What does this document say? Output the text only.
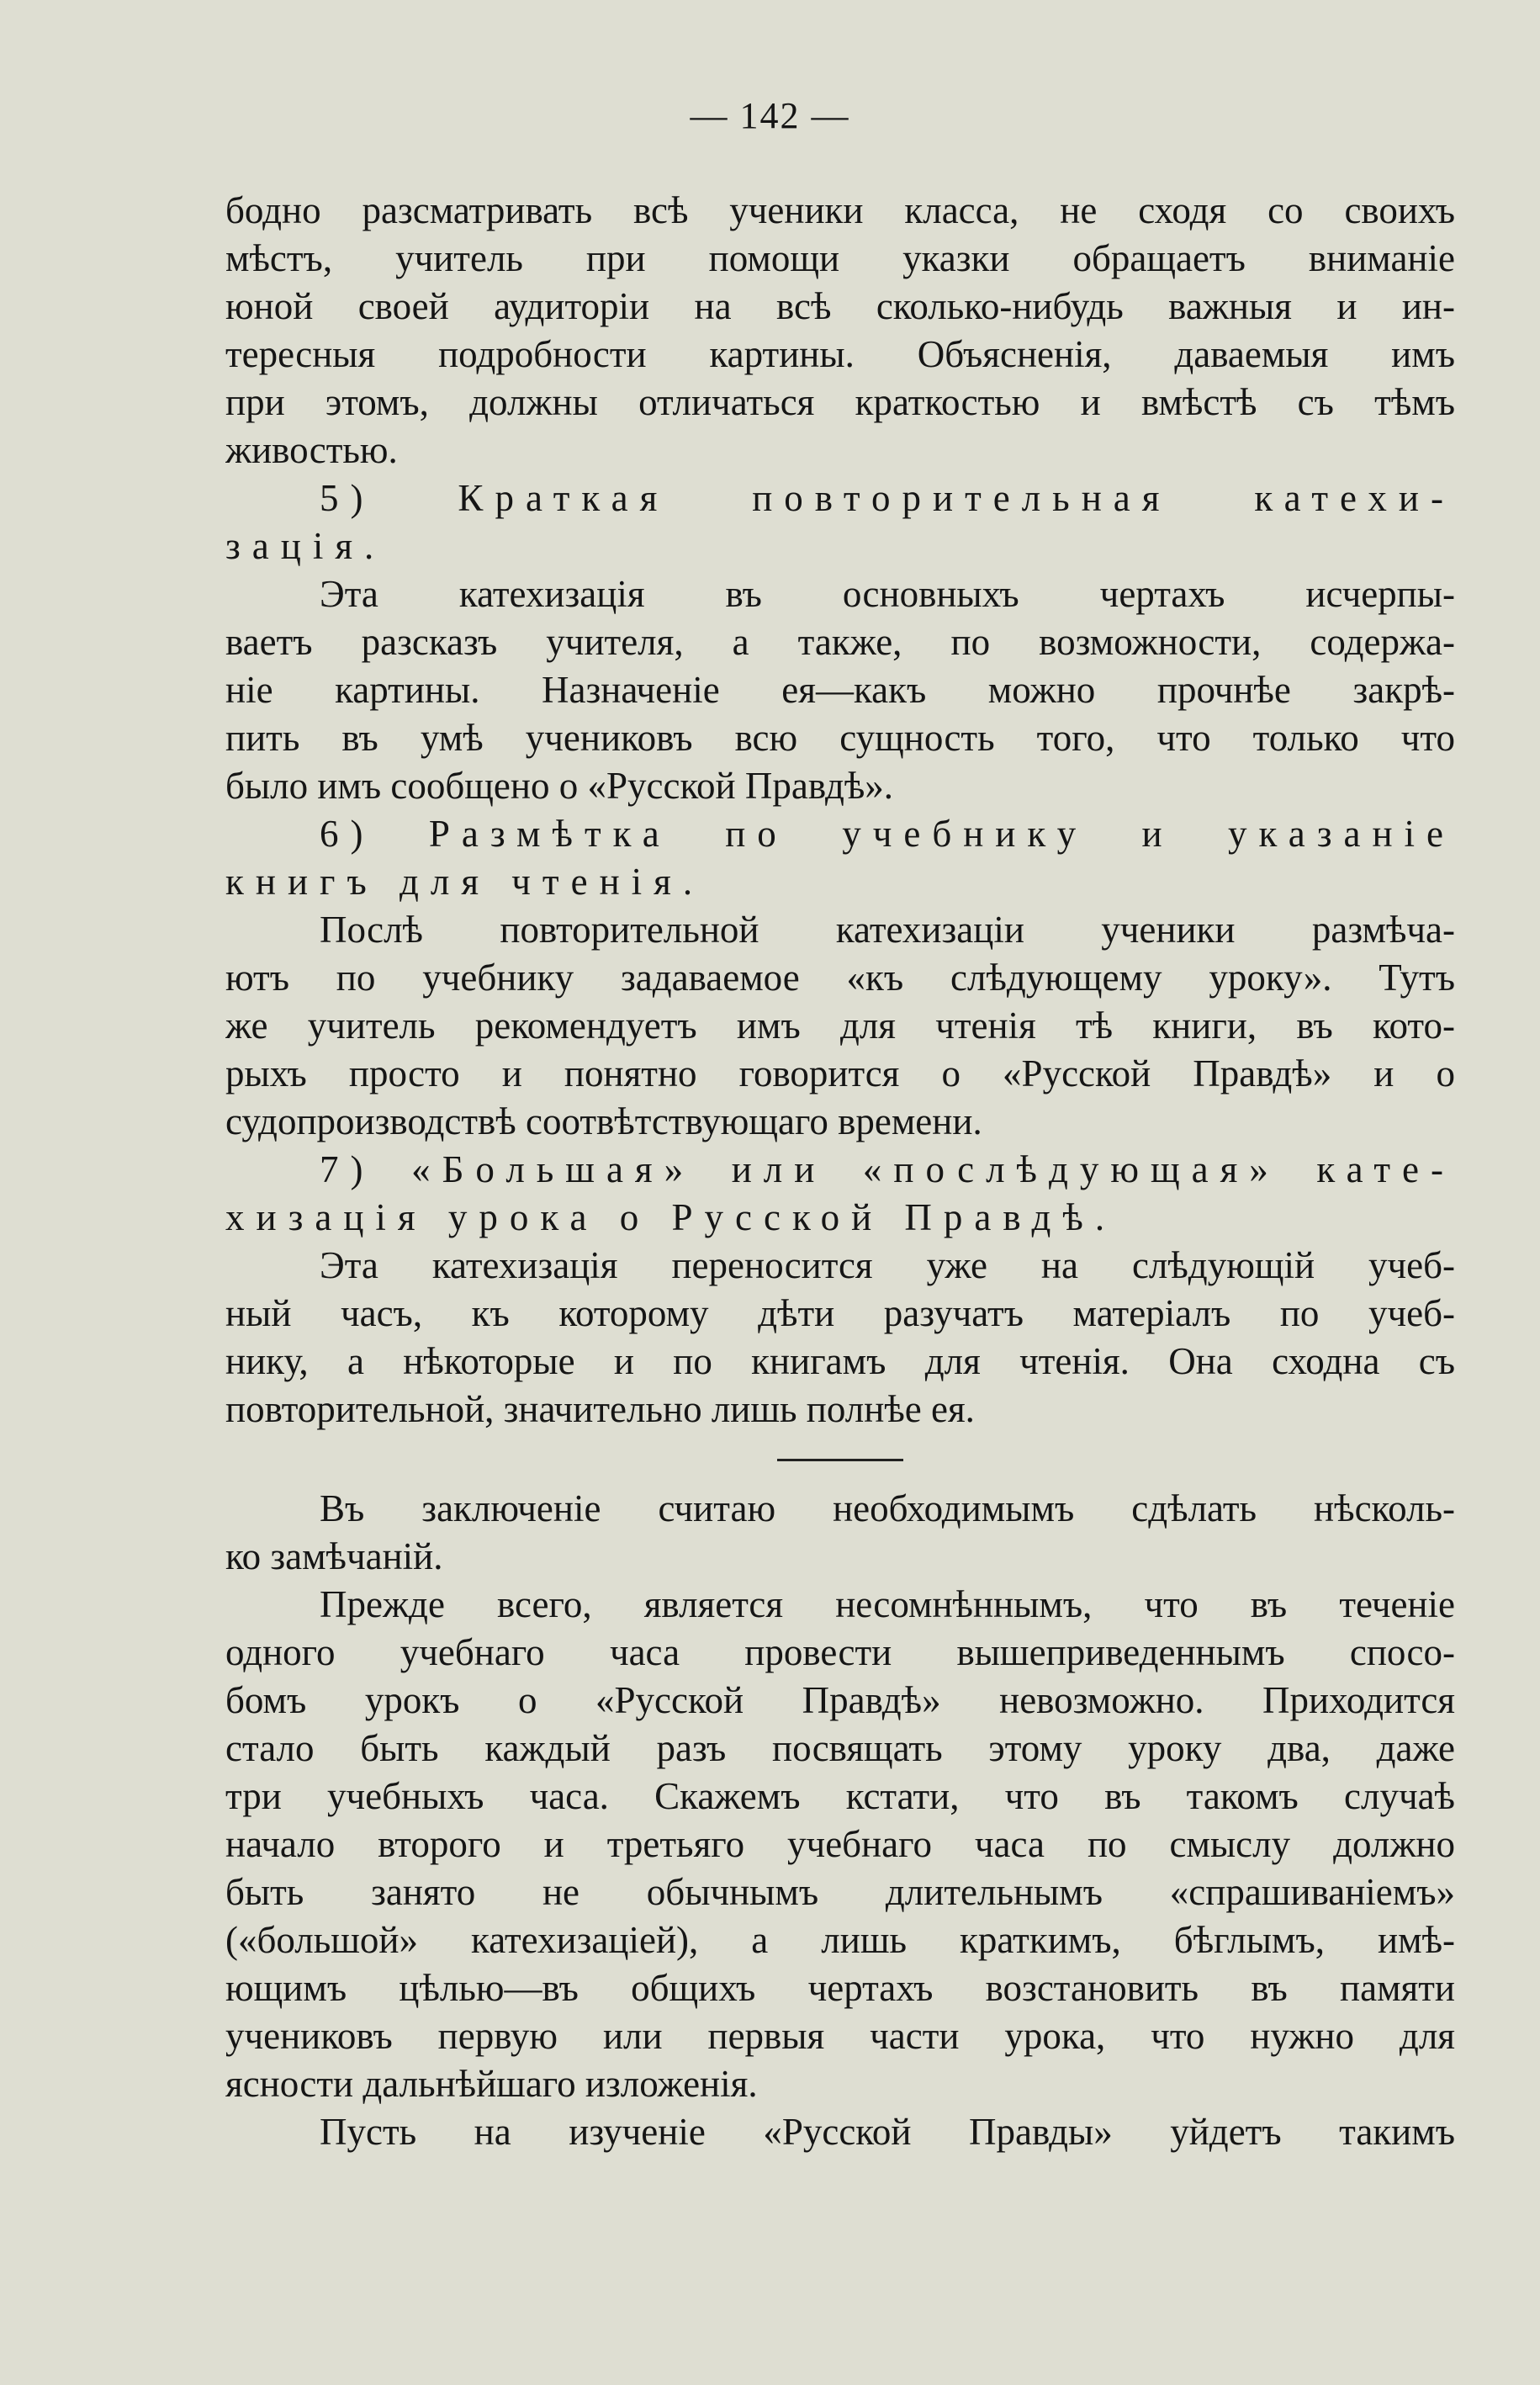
— 142 —
бодно разсматривать всѣ ученики класса, не сходя со своихъ
мѣстъ, учитель при помощи указки обращаетъ вниманіе
юной своей аудиторіи на всѣ сколько-нибудь важныя и ин-
тересныя подробности картины. Объясненія, даваемыя имъ
при этомъ, должны отличаться краткостью и вмѣстѣ съ тѣмъ
живостью.
5) Краткая повторительная катехи-
зація.
Эта катехизація въ основныхъ чертахъ исчерпы-
ваетъ разсказъ учителя, а также, по возможности, содержа-
ніе картины. Назначеніе ея—какъ можно прочнѣе закрѣ-
пить въ умѣ учениковъ всю сущность того, что только что
было имъ сообщено о «Русской Правдѣ».
6) Размѣтка по учебнику и указаніе
книгъ для чтенія.
Послѣ повторительной катехизаціи ученики размѣча-
ютъ по учебнику задаваемое «къ слѣдующему уроку». Тутъ
же учитель рекомендуетъ имъ для чтенія тѣ книги, въ кото-
рыхъ просто и понятно говорится о «Русской Правдѣ» и о
судопроизводствѣ соотвѣтствующаго времени.
7) «Большая» или «послѣдующая» кате-
хизація урока о Русской Правдѣ.
Эта катехизація переносится уже на слѣдующій учеб-
ный часъ, къ которому дѣти разучатъ матеріалъ по учеб-
нику, а нѣкоторые и по книгамъ для чтенія. Она сходна съ
повторительной, значительно лишь полнѣе ея.
Въ заключеніе считаю необходимымъ сдѣлать нѣсколь-
ко замѣчаній.
Прежде всего, является несомнѣннымъ, что въ теченіе
одного учебнаго часа провести вышеприведеннымъ спосо-
бомъ урокъ о «Русской Правдѣ» невозможно. Приходится
стало быть каждый разъ посвящать этому уроку два, даже
три учебныхъ часа. Скажемъ кстати, что въ такомъ случаѣ
начало второго и третьяго учебнаго часа по смыслу должно
быть занято не обычнымъ длительнымъ «спрашиваніемъ»
(«большой» катехизаціей), а лишь краткимъ, бѣглымъ, имѣ-
ющимъ цѣлью—въ общихъ чертахъ возстановить въ памяти
учениковъ первую или первыя части урока, что нужно для
ясности дальнѣйшаго изложенія.
Пусть на изученіе «Русской Правды» уйдетъ такимъ
